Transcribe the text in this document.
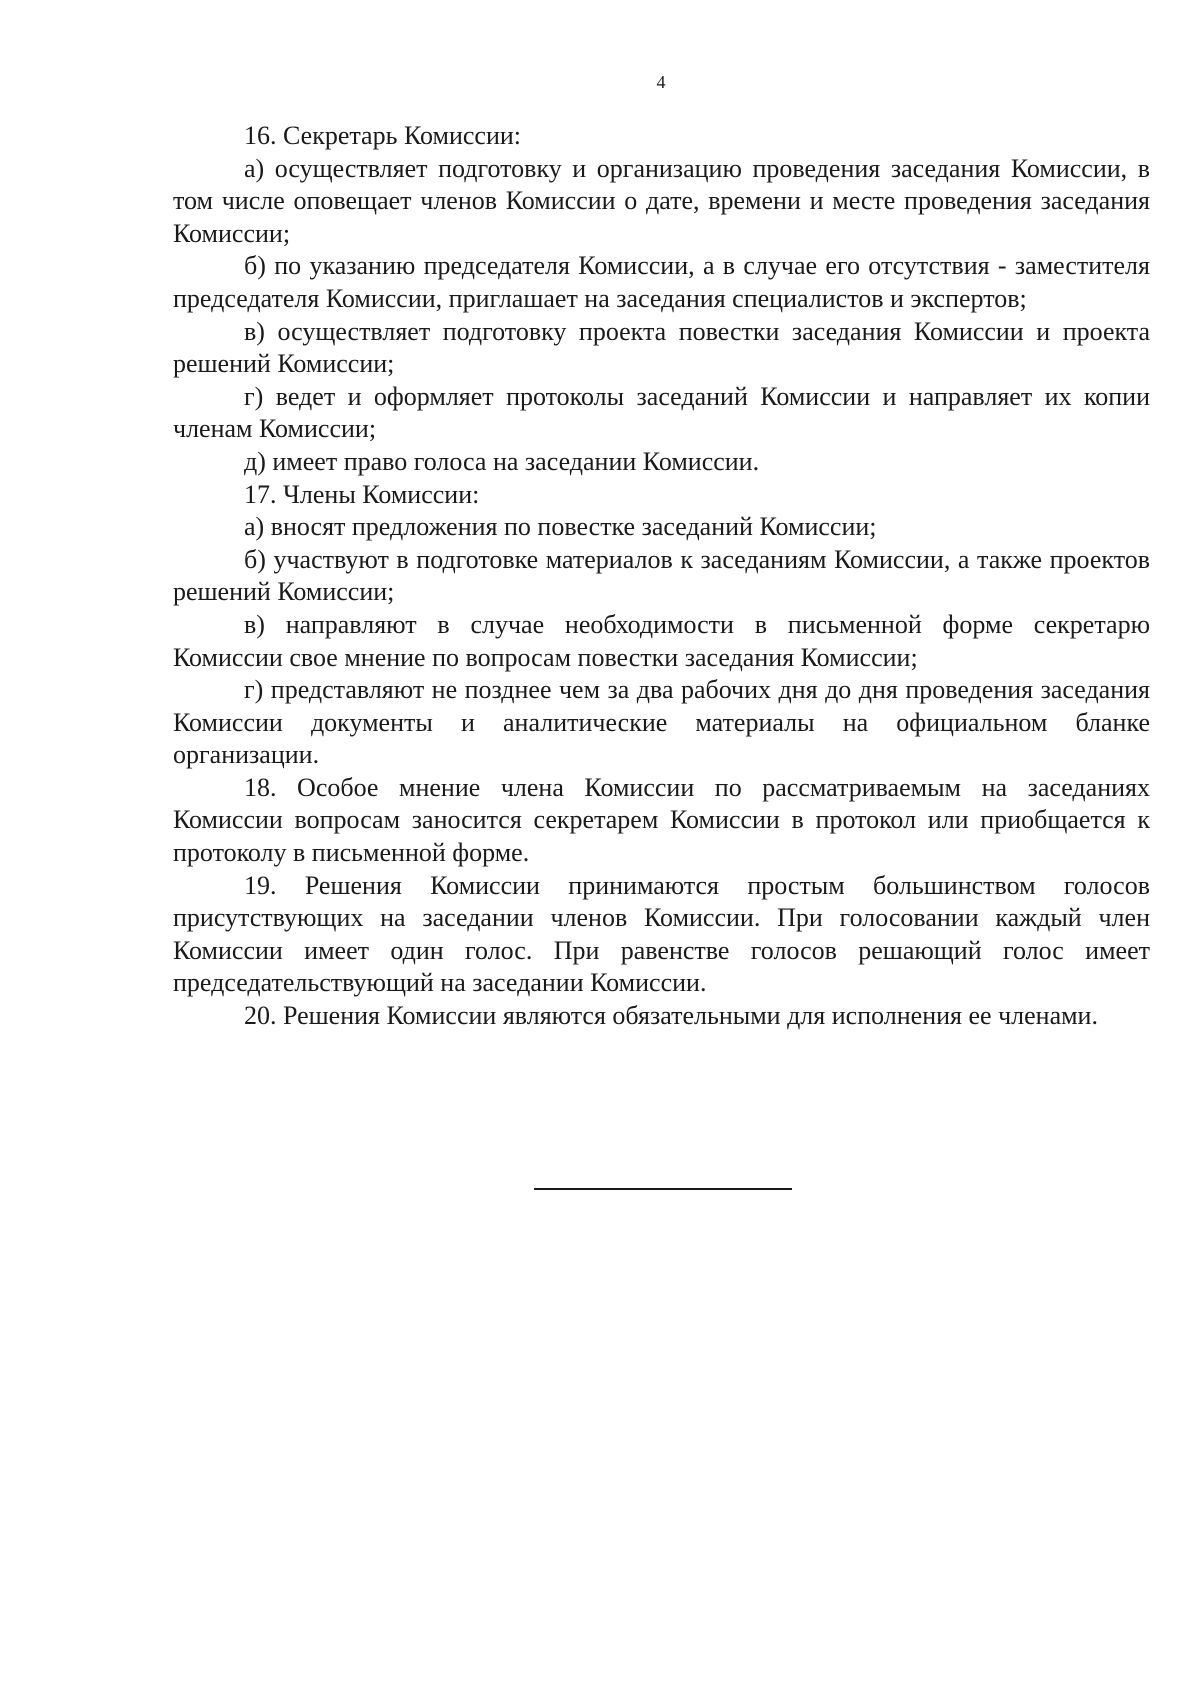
4

16. Секретарь Комиссии:

а) осуществляет подготовку и организацию проведения заседания Комиссии, в том числе оповещает членов Комиссии о дате, времени и месте проведения заседания Комиссии;

б) по указанию председателя Комиссии, а в случае его отсутствия - заместителя председателя Комиссии, приглашает на заседания специалистов и экспертов;

в) осуществляет подготовку проекта повестки заседания Комиссии и проекта решений Комиссии;

г) ведет и оформляет протоколы заседаний Комиссии и направляет их копии членам Комиссии;

д) имеет право голоса на заседании Комиссии.

17. Члены Комиссии:

а) вносят предложения по повестке заседаний Комиссии;

б) участвуют в подготовке материалов к заседаниям Комиссии, а также проектов решений Комиссии;

в) направляют в случае необходимости в письменной форме секретарю Комиссии свое мнение по вопросам повестки заседания Комиссии;

г) представляют не позднее чем за два рабочих дня до дня проведения заседания Комиссии документы и аналитические материалы на официальном бланке организации.

18. Особое мнение члена Комиссии по рассматриваемым на заседаниях Комиссии вопросам заносится секретарем Комиссии в протокол или приобщается к протоколу в письменной форме.

19. Решения Комиссии принимаются простым большинством голосов присутствующих на заседании членов Комиссии. При голосовании каждый член Комиссии имеет один голос. При равенстве голосов решающий голос имеет председательствующий на заседании Комиссии.

20. Решения Комиссии являются обязательными для исполнения ее членами.
